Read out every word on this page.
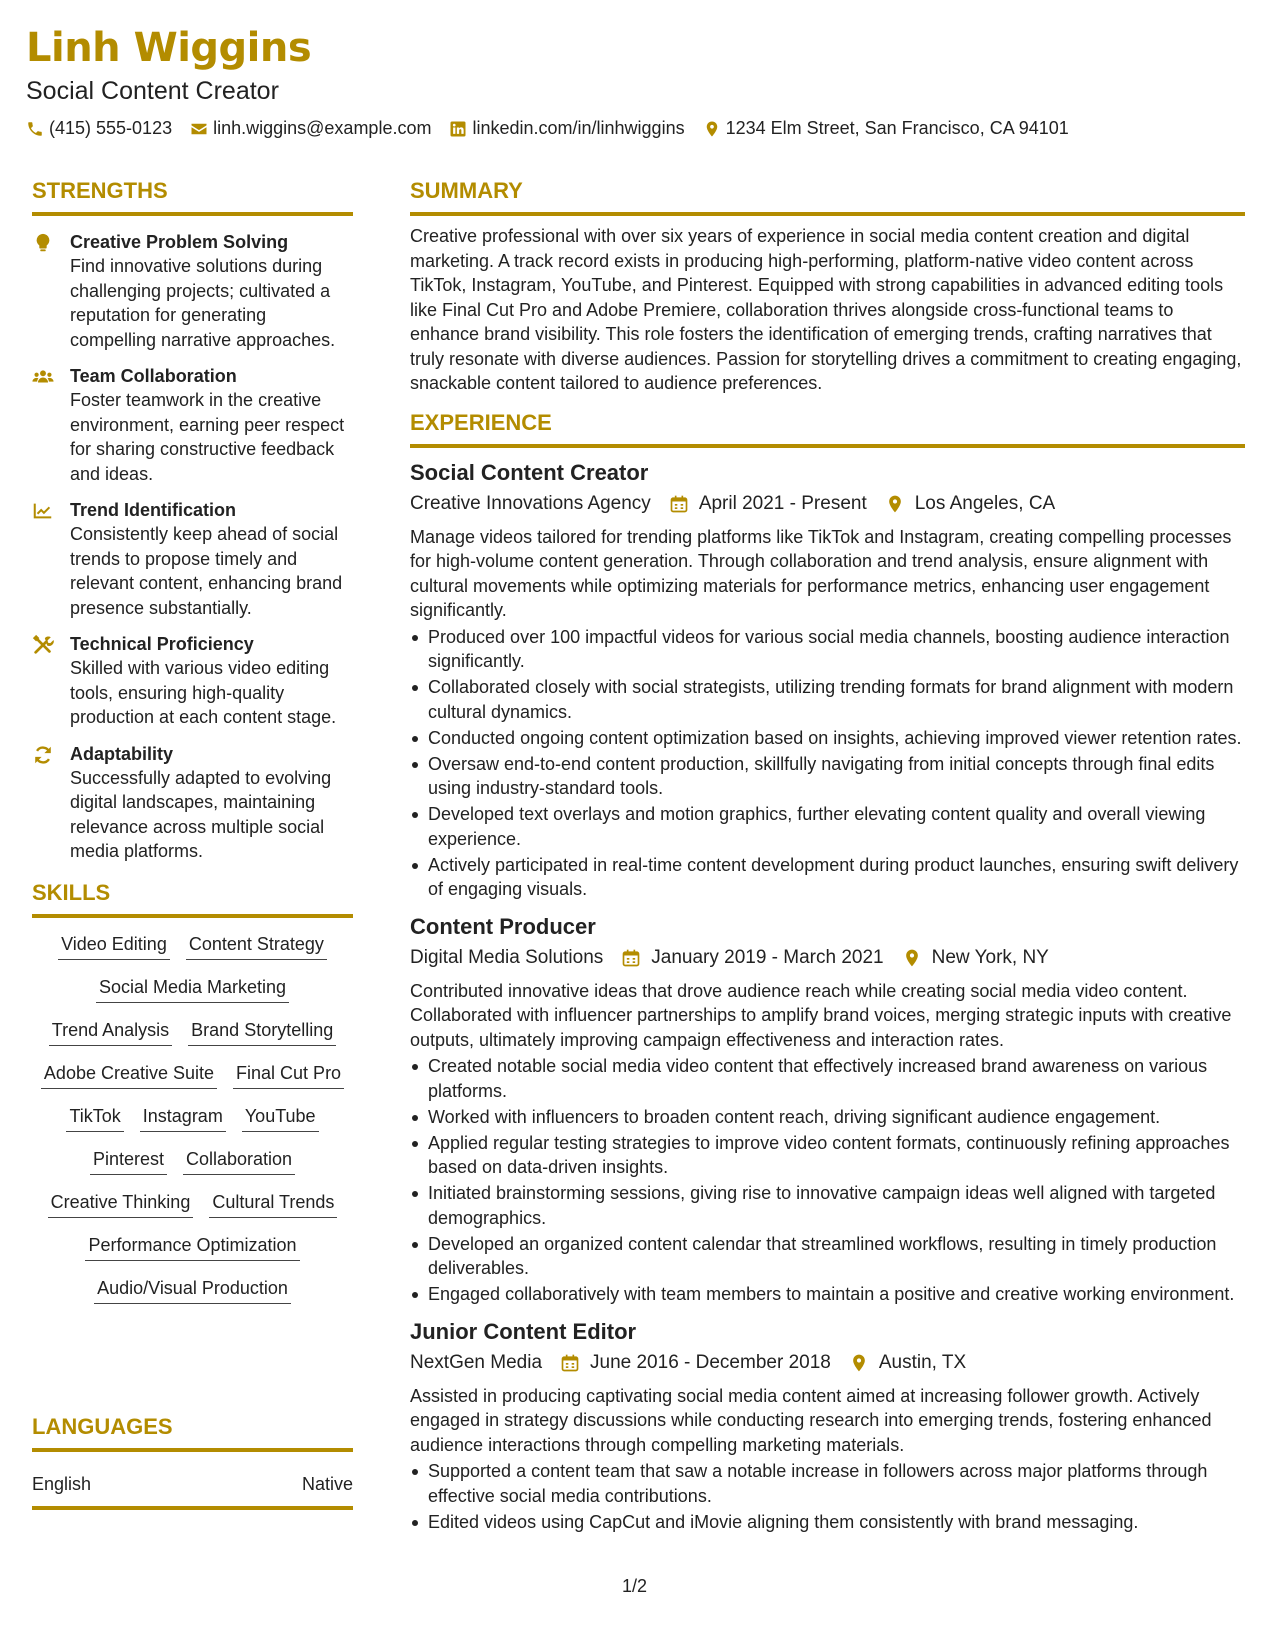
Linh Wiggins
Social Content Creator
(415) 555-0123 linh.wiggins@example.com linkedin.com/in/linhwiggins 1234 Elm Street, San Francisco, CA 94101
STRENGTHS
Creative Problem Solving
Find innovative solutions during challenging projects; cultivated a reputation for generating compelling narrative approaches.
Team Collaboration
Foster teamwork in the creative environment, earning peer respect for sharing constructive feedback and ideas.
Trend Identification
Consistently keep ahead of social trends to propose timely and relevant content, enhancing brand presence substantially.
Technical Proficiency
Skilled with various video editing tools, ensuring high-quality production at each content stage.
Adaptability
Successfully adapted to evolving digital landscapes, maintaining relevance across multiple social media platforms.
SKILLS
Video Editing Content Strategy
Social Media Marketing
Trend Analysis Brand Storytelling
Adobe Creative Suite Final Cut Pro
TikTok Instagram YouTube
Pinterest Collaboration
Creative Thinking Cultural Trends
Performance Optimization
Audio/Visual Production
LANGUAGES
English	Native
SUMMARY
Creative professional with over six years of experience in social media content creation and digital marketing. A track record exists in producing high-performing, platform-native video content across TikTok, Instagram, YouTube, and Pinterest. Equipped with strong capabilities in advanced editing tools like Final Cut Pro and Adobe Premiere, collaboration thrives alongside cross-functional teams to enhance brand visibility. This role fosters the identification of emerging trends, crafting narratives that truly resonate with diverse audiences. Passion for storytelling drives a commitment to creating engaging, snackable content tailored to audience preferences.
EXPERIENCE
Social Content Creator
Creative Innovations Agency	April 2021 - Present	Los Angeles, CA
Manage videos tailored for trending platforms like TikTok and Instagram, creating compelling processes for high-volume content generation. Through collaboration and trend analysis, ensure alignment with cultural movements while optimizing materials for performance metrics, enhancing user engagement significantly.
Produced over 100 impactful videos for various social media channels, boosting audience interaction significantly.
Collaborated closely with social strategists, utilizing trending formats for brand alignment with modern cultural dynamics.
Conducted ongoing content optimization based on insights, achieving improved viewer retention rates.
Oversaw end-to-end content production, skillfully navigating from initial concepts through final edits using industry-standard tools.
Developed text overlays and motion graphics, further elevating content quality and overall viewing experience.
Actively participated in real-time content development during product launches, ensuring swift delivery of engaging visuals.
Content Producer
Digital Media Solutions	January 2019 - March 2021	New York, NY
Contributed innovative ideas that drove audience reach while creating social media video content. Collaborated with influencer partnerships to amplify brand voices, merging strategic inputs with creative outputs, ultimately improving campaign effectiveness and interaction rates.
Created notable social media video content that effectively increased brand awareness on various platforms.
Worked with influencers to broaden content reach, driving significant audience engagement.
Applied regular testing strategies to improve video content formats, continuously refining approaches based on data-driven insights.
Initiated brainstorming sessions, giving rise to innovative campaign ideas well aligned with targeted demographics.
Developed an organized content calendar that streamlined workflows, resulting in timely production deliverables.
Engaged collaboratively with team members to maintain a positive and creative working environment.
Junior Content Editor
NextGen Media	June 2016 - December 2018	Austin, TX
Assisted in producing captivating social media content aimed at increasing follower growth. Actively engaged in strategy discussions while conducting research into emerging trends, fostering enhanced audience interactions through compelling marketing materials.
Supported a content team that saw a notable increase in followers across major platforms through effective social media contributions.
Edited videos using CapCut and iMovie aligning them consistently with brand messaging.
1/2
